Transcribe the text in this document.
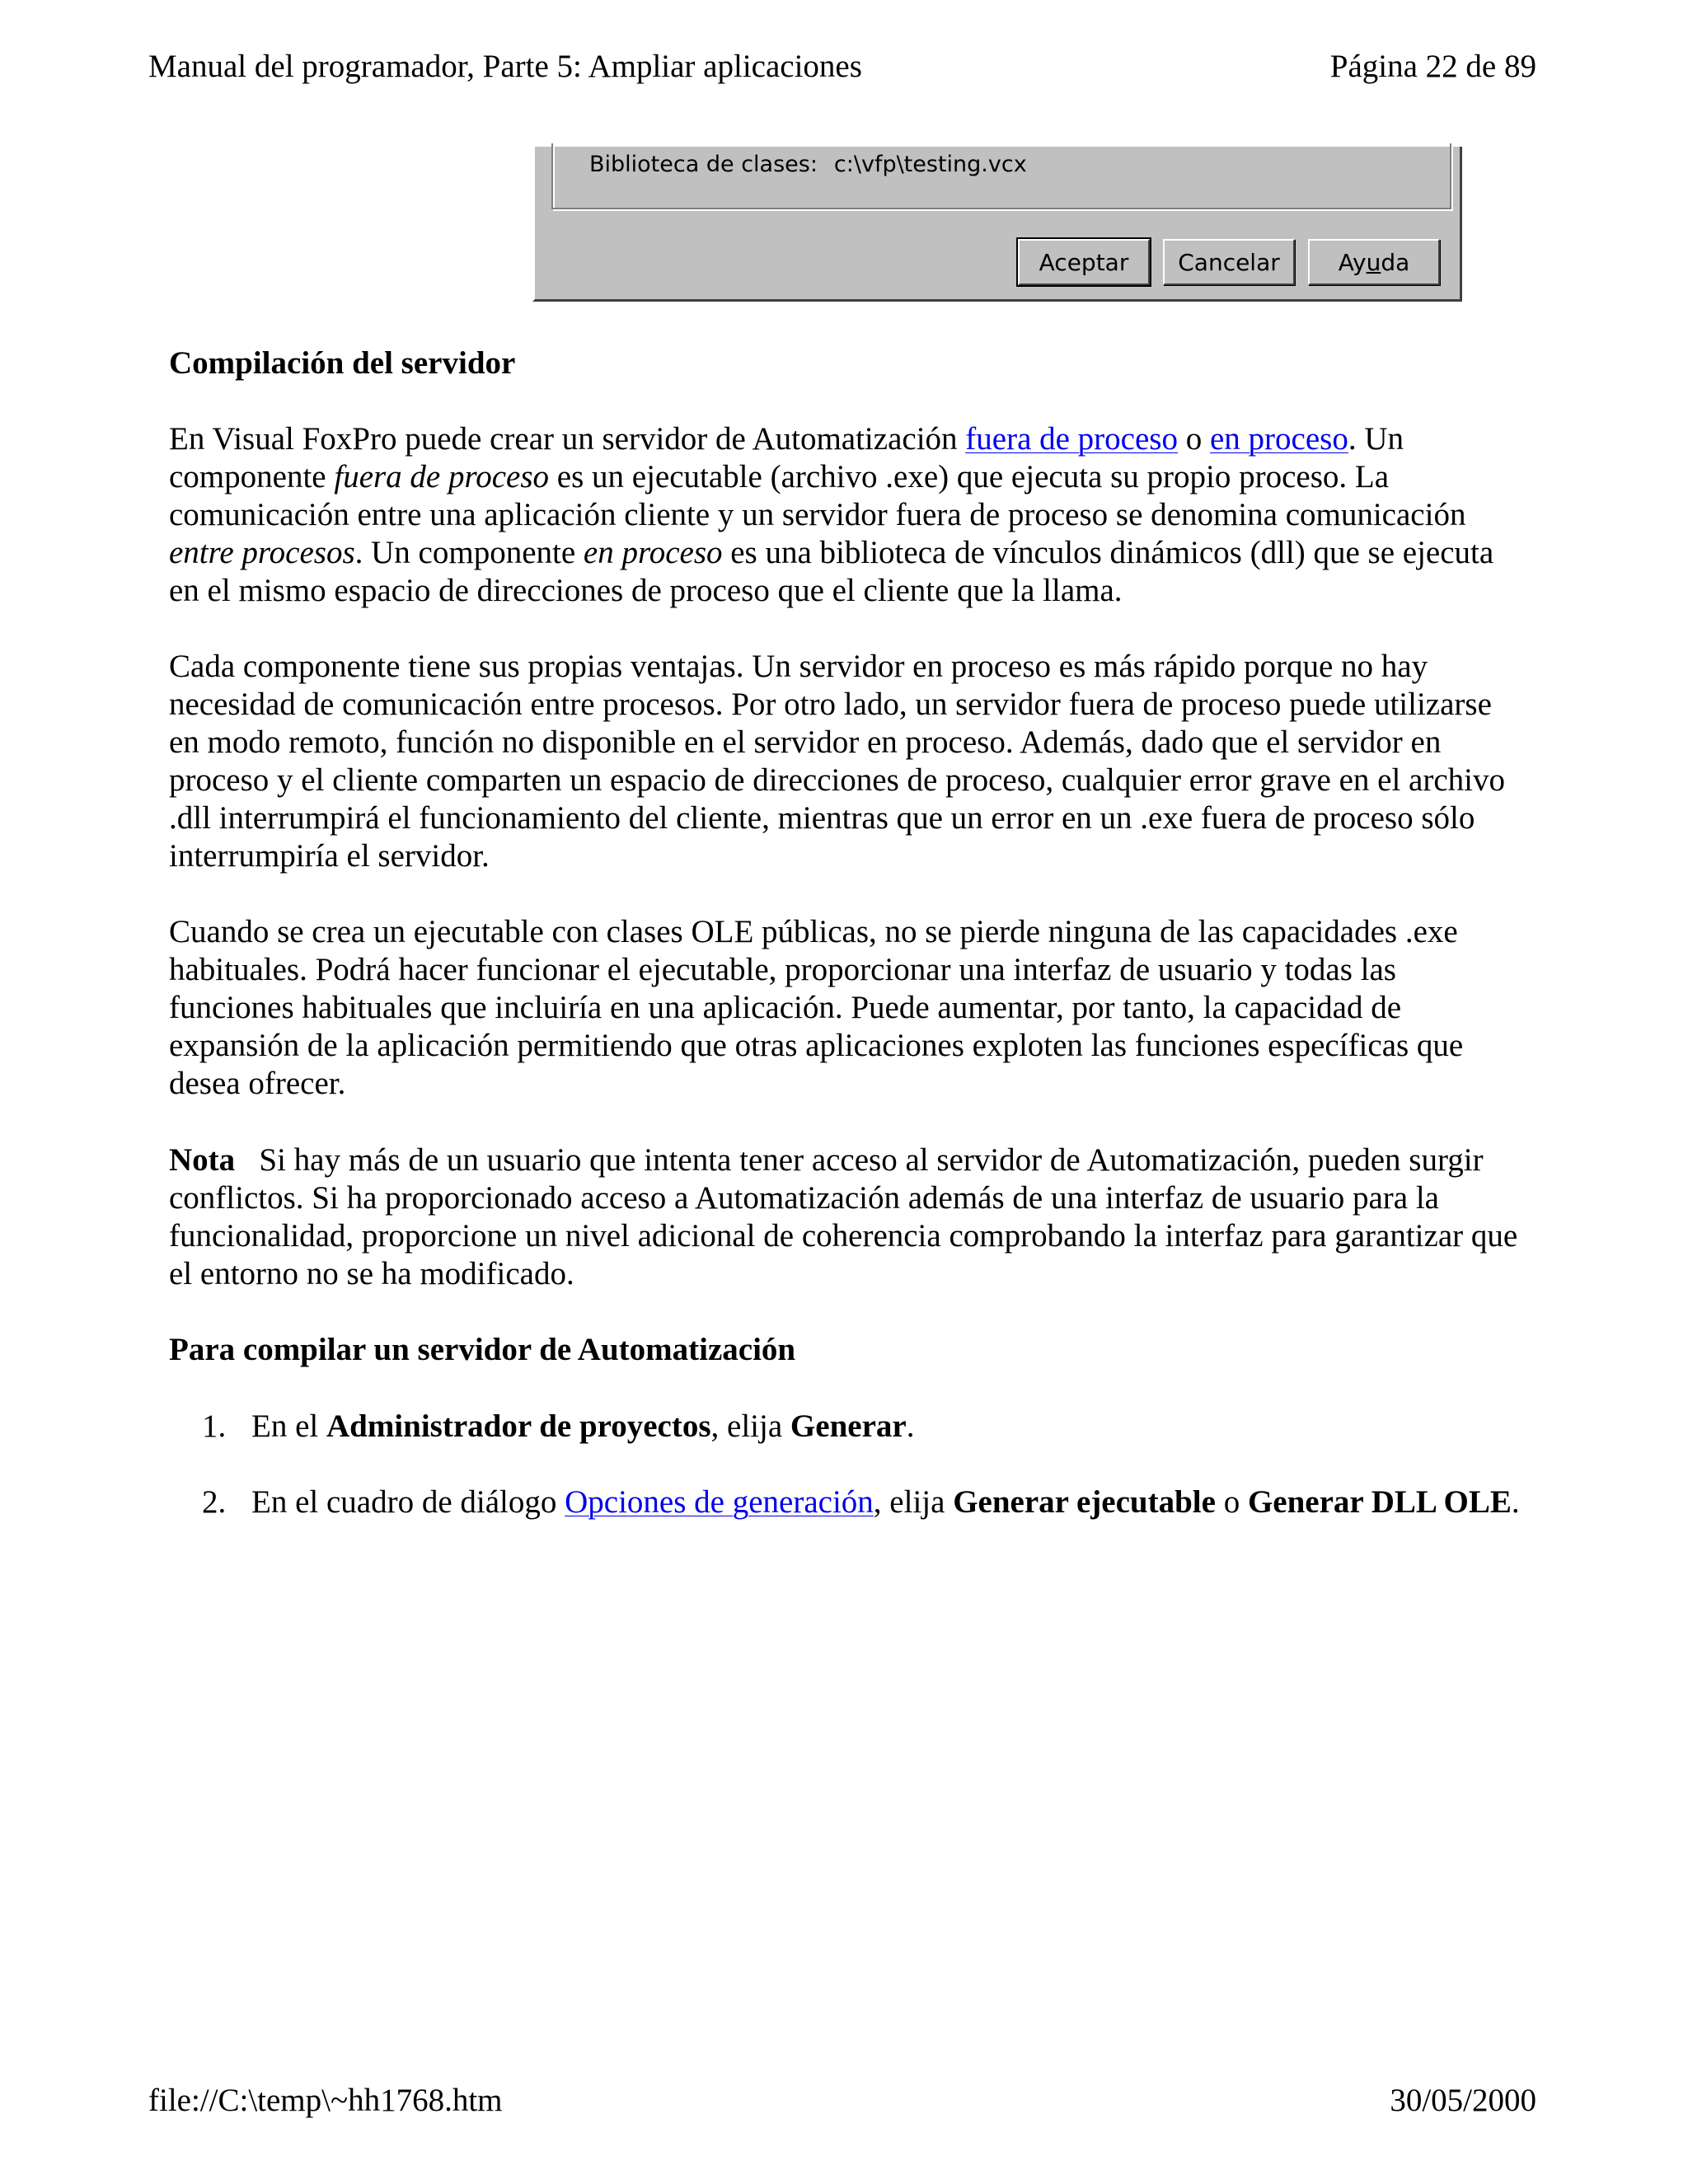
Manual del programador, Parte 5: Ampliar aplicaciones	Página 22 de 89
Biblioteca de clases: c:\vfp\testing.vcx
Acep tar Cancelar	Ay u da
Compilación del servidor

En Visual FoxPro puede crear un servidor de Automatización fuera de proceso o en proceso. Un componente fuera de proceso es un ejecutable (archivo .exe) que ejecuta su propio proceso. La comunicación entre una aplicación cliente y un servidor fuera de proceso se denomina comunicación entre procesos. Un componente en proceso es una biblioteca de vínculos dinámicos (dll) que se ejecuta en el mismo espacio de direcciones de proceso que el cliente que la llama.

Cada componente tiene sus propias ventajas. Un servidor en proceso es más rápido porque no hay necesidad de comunicación entre procesos. Por otro lado, un servidor fuera de proceso puede utilizarse en modo remoto, función no disponible en el servidor en proceso. Además, dado que el servidor en proceso y el cliente comparten un espacio de direcciones de proceso, cualquier error grave en el archivo .dll interrumpirá el funcionamiento del cliente, mientras que un error en un .exe fuera de proceso sólo interrumpiría el servidor.

Cuando se crea un ejecutable con clases OLE públicas, no se pierde ninguna de las capacidades .exe habituales. Podrá hacer funcionar el ejecutable, proporcionar una interfaz de usuario y todas las funciones habituales que incluiría en una aplicación. Puede aumentar, por tanto, la capacidad de expansión de la aplicación permitiendo que otras aplicaciones exploten las funciones específicas que desea ofrecer.

Nota Si hay más de un usuario que intenta tener acceso al servidor de Automatización, pueden surgir conflictos. Si ha proporcionado acceso a Automatización además de una interfaz de usuario para la funcionalidad, proporcione un nivel adicional de coherencia comprobando la interfaz para garantizar que el entorno no se ha modificado.

Para compilar un servidor de Automatización
1. En el Administrador de proyectos, elija Generar.
2. En el cuadro de diálogo Opciones de generación, elija Generar ejecutable o Generar DLL OLE.
file://C:\temp\~hh1768.htm	30/05/2000
